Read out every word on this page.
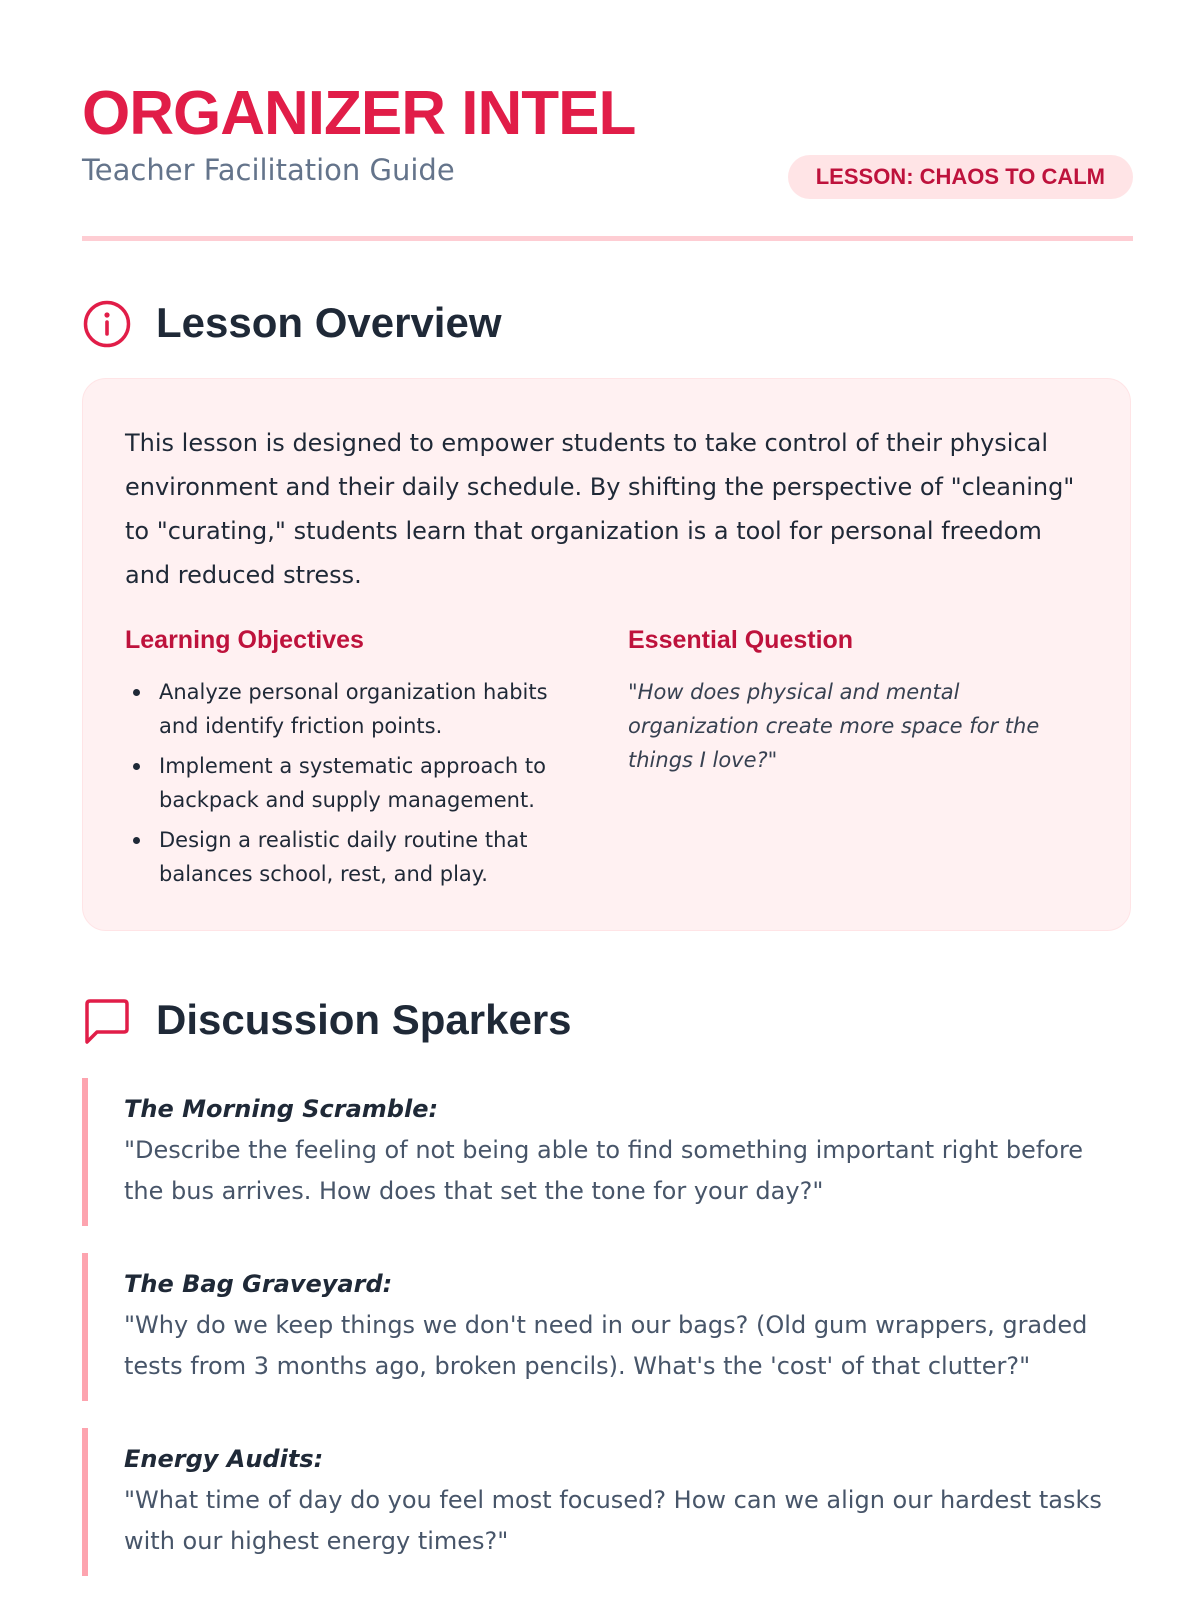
ORGANIZER INTEL
Teacher Facilitation Guide	LESSON: CHAOS TO CALM
Lesson Overview

This lesson is designed to empower students to take control of their physical environment and their daily schedule. By shifting the perspective of "cleaning" to "curating," students learn that organization is a tool for personal freedom and reduced stress.

Learning Objectives
Analyze personal organization habits and identify friction points.
Implement a systematic approach to backpack and supply management.
Design a realistic daily routine that balances school, rest, and play.
Essential Question

"How does physical and mental organization create more space for the things I love?"

Discussion Sparkers
The Morning Scramble:

"Describe the feeling of not being able to find something important right before the bus arrives. How does that set the tone for your day?"

The Bag Graveyard:

"Why do we keep things we don't need in our bags? (Old gum wrappers, graded tests from 3 months ago, broken pencils). What's the 'cost' of that clutter?"

Energy Audits:

"What time of day do you feel most focused? How can we align our hardest tasks with our highest energy times?"
